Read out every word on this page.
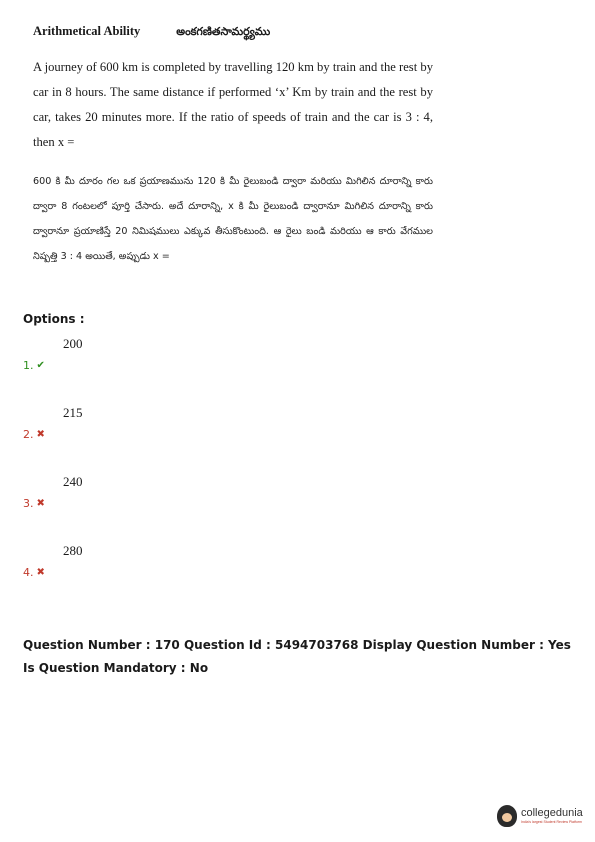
Arithmetical Ability	అంకగణితసామర్థ్యము
A journey of 600 km is completed by travelling 120 km by train and the rest by car in 8 hours. The same distance if performed ‘x’ Km by train and the rest by car, takes 20 minutes more. If the ratio of speeds of train and the car is 3 : 4, then x =
600 కి మీ దూరం గల ఒక ప్రయాణమును 120 కి మీ రైలుబండి ద్వారా మరియు మిగిలిన దూరాన్ని కారు ద్వారా 8 గంటలలో పూర్తి చేసారు. అదే దూరాన్ని, x కి మీ రైలుబండి ద్వారానూ మిగిలిన దూరాన్ని కారు ద్వారానూ ప్రయాణిస్తే 20 నిమిషములు ఎక్కువ తీసుకొంటుంది. ఆ రైలు బండి మరియు ఆ కారు వేగముల నిష్పత్తి 3 : 4 అయితే, అప్పుడు x =
Options :
200
1. ✔
215
2. ✖
240
3. ✖
280
4. ✖
Question Number : 170 Question Id : 5494703768 Display Question Number : Yes Is Question Mandatory : No
collegedunia
India's largest Student Review Platform
